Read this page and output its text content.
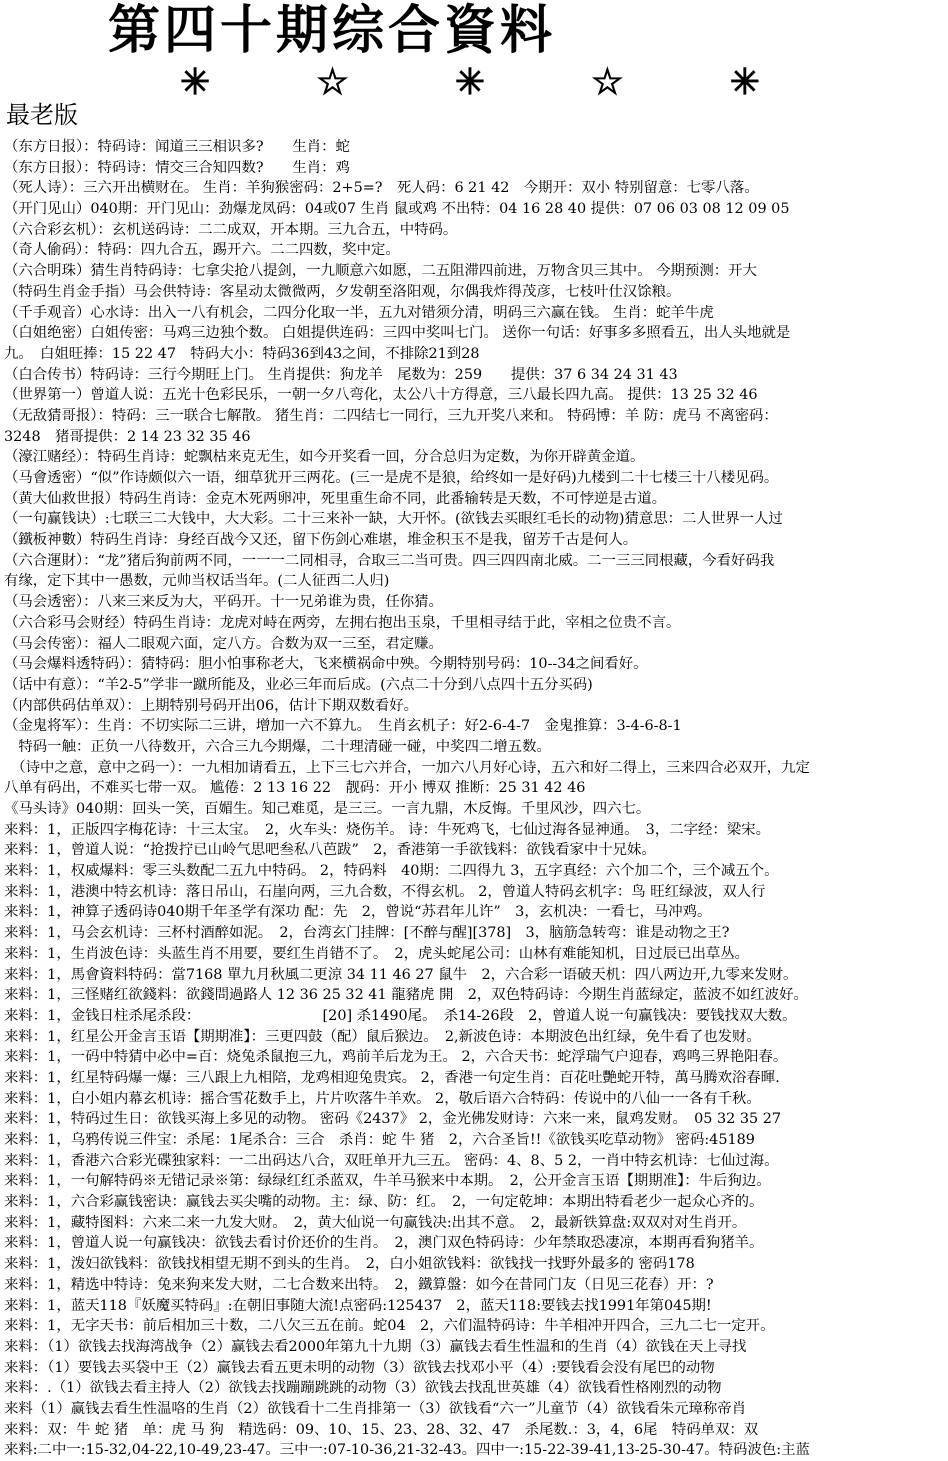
第四十期综合資料
✳	☆	✳	☆	✳
最老版
（东方日报）：特码诗：闻道三三相识多?　　生肖：蛇
（东方日报）：特码诗：情交三合知四数?　　生肖：鸡
（死人诗）：三六开出横财在。 生肖：羊狗猴密码：2+5=?　死人码：6 21 42　今期开：双小 特别留意：七零八落。
（开门见山）040期：开门见山：劲爆龙凤码：04或07 生肖 鼠或鸡 不出特：04 16 28 40 提供：07 06 03 08 12 09 05
（六合彩玄机）：玄机送码诗：二二成双，开本期。三九合五，中特码。
（奇人偷码）：特码：四九合五，踢开六。二二四数，奖中定。
（六合明珠）猜生肖特码诗：七拿尖抢八提剑，一九顺意六如愿，二五阻滞四前进，万物含贝三其中。 今期预测：开大
（特码生肖金手指）马会供特诗：客星动太微微两，夕发朝至洛阳观，尔偶我炸得茂彦，七枝叶仕汉馀粮。
（千手观音）心水诗：出入一八有机会，二四分化取一半，五九对错须分清，明码三六赢在钱。 生肖：蛇羊牛虎
（白姐绝密）白姐传密：马鸡三边独个数。 白姐提供连码：三四中奖叫七门。 送你一句话：好事多多照看五，出人头地就是
九。　白姐旺捧：15 22 47　特码大小：特码36到43之间，不排除21到28
（白合传书）特码诗：三行今期旺上门。 生肖提供：狗龙羊　尾数为：259　　提供：37 6 34 24 31 43
（世界第一）曾道人说：五光十色彩民乐，一朝一夕八弯化，太公八十方得意，三八最长四九高。 提供：13 25 32 46
（无敌猜哥报）：特码：三一联合七解散。 猪生肖：二四结七一同行，三九开奖八来和。 特码博：羊 防：虎马 不离密码：
3248　猪哥提供：2 14 23 32 35 46
（濠江赌经）：特码生肖诗：蛇飘枯来克无生，如今开奖看一回，分合总归为定数，为你开辟黄金道。
（马會透密）“似”作诗颇似六一语，细草犹开三两花。(三一是虎不是狼，给终如一是好码)九楼到二十七楼三十八楼见码。
（黄大仙救世报）特码生肖诗：金克木死两卵冲，死里重生命不同，此番输转是天数，不可悖逆是古道。
（一句赢钱诀）:七联三二大钱中，大大彩。二十三来补一缺，大开怀。(欲钱去买眼红毛长的动物)猜意思：二人世界一人过
（鐵板神數）特码生肖诗：身经百战今又还，留下伤剑心难堪，堆金积玉不是我，留芳千古是何人。
（六合運財）：“龙”猪后狗前两不同，一一一二同相寻，合取三二当可贵。四三四四南北威。二一三三同根藏，今看好码我
有缘，定下其中一愚数，元帅当权话当年。(二人征西二人归)
（马会透密）：八来三来反为大，平码开。十一兄弟谁为贵，任你猜。
（六合彩马会财经）特码生肖诗：龙虎对峙在两旁，左拥右抱出玉泉，千里相寻结于此，宰相之位贵不言。
（马会传密）：福人二眼观六面，定八方。合数为双一三至，君定赚。
（马会爆料透特码）：猜特码：胆小怕事称老大，飞来横祸命中殃。今期特别号码：10--34之间看好。
（话中有意）：“羊2-5”学非一蹴所能及，业必三年而后成。(六点二十分到八点四十五分买码)
（内部供码估单双）：上期特别号码开出06，估计下期双数看好。
（金鬼将军）：生肖：不切实际二三讲，增加一六不算九。　生肖玄机子：好2-6-4-7　金鬼推算：3-4-6-8-1
　特码一触：正负一八待数开，六合三九今期爆，二十理清碰一碰，中奖四二增五数。
　（诗中之意，意中之码一）：一九相加请看五，上下三七六并合，一加六八月好心诗，五六和好二得上，三来四合必双开，九定
八单有码出，不难买七带一双。 尴倦：2 13 16 22　靓码：开小 博双 推断：25 31 42 46
《马头诗》040期：回头一笑，百媚生。知己难觅，是三三。一言九鼎，木反悔。千里风沙，四六七。
来料：1，正版四字梅花诗：十三太宝。　2，火车头：烧伤羊。 诗：牛死鸡飞，七仙过海各显神通。　3，二字经：梁宋。
来料：1，曾道人说：“抢拨拧已山岭气思吧叁私八芭跋”　2，香港第一手欲钱料：欲钱看家中十兄妹。
来料：1，权威爆料：零三头数配二五九中特码。 2，特码料　40期：二四得九 3，五字真经：六个加二个，三个减五个。
来料：1，港澳中特玄机诗：落日吊山，石崖向两，三九合数，不得玄机。 2，曾道人特码玄机字：鸟 旺红绿波，双人行
来料：1，神算子透码诗040期千年圣学有深功 配：先　2，曾说“苏君年儿许”　3，玄机决：一看七，马冲鸡。
来料：1，马会玄机诗：三杯村酒醉如泥。　2，台湾玄门挂牌：[不醉与醒][378]　3，脑筋急转弯：谁是动物之王?
来料：1，生肖波色诗：头蓝生肖不用要，要红生肖错不了。　2，虎头蛇尾公司：山林有难能知机，日过辰已出草丛。
来料：1，馬會資料特码：當7168 單九月秋風二更涼 34 11 46 27 鼠牛　2，六合彩一语破天机：四八两边开,九零来发财。
来料：1，三怪赌红欲錢料：欲錢問過路人 12 36 25 32 41 龍豬虎 開　2，双色特码诗：今期生肖蓝绿定，蓝波不如红波好。
来料：1，金钱日柱杀尾杀段：　　　　　　　　　[20] 杀1490尾。　杀14-26段　2，曾道人说一句赢钱决：要钱找双大数。
来料：1，红星公开金言玉语【期期准】：三更四鼓（配）鼠后猴边。　2,新波色诗：本期波色出红绿，免牛看了也发财。
来料：1，一码中特猜中必中=百：烧兔杀鼠抱三九，鸡前羊后龙为王。 2，六合天书：蛇浮瑞气户迎春，鸡鸣三界艳阳春。
来料：1，红星特码爆一爆：三八跟上九相陪，龙鸡相迎兔贵宾。 2，香港一句定生肖：百花吐艷蛇开特，萬马腾欢浴春暉.
来料：1，白小姐内幕玄机诗：摇合雪花数手上，片片吹落牛羊欢。 2，敬后语六合特码：传说中的八仙一一各有千秋。
来料：1，特码过生日：欲钱买海上多见的动物。 密码《2437》 2，金光佛发财诗：六来一来，鼠鸡发财。　05 32 35 27
来料：1，乌鸦传说三件宝：杀尾：1尾杀合：三合　杀肖：蛇 牛 猪　2，六合圣旨!!《欲钱买吃草动物》 密码:45189
来料：1，香港六合彩光碟独家料：一二出码达八合，双旺单开九三五。 密码：4、8、5 2，一肖中特玄机诗：七仙过海。
来料：1，一句解特码※无错记录※第：绿绿红红杀蓝双，牛羊马猴来中本期。　2，公开金言玉语【期期准】：牛后狗边。
来料：1，六合彩赢钱密诀：赢钱去买尖嘴的动物。主：绿、防：红。　2，一句定乾坤：本期出特看老少一起众心齐的。
来料：1，藏特图料：六来二来一九发大财。　2，黄大仙说一句赢钱决:出其不意。　2，最新铁算盘:双双对对生肖开。
来料：1，曾道人说一句赢钱决：欲钱去看讨价还价的生肖。　2，澳门双色特码诗：少年禁取恐凄凉，本期再看狗猪羊。
来料：1，泼妇欲钱料：欲钱找相望无期不到头的生肖。　2，白小姐欲钱料：欲钱找一找野外最多的 密码178
来料：1，精选中特诗：兔来狗来发大财，二七合数来出特。　2，鐵算盤：如今在昔同门友（日见三花春）开：?
来料：1，蓝天118『妖魔买特码』:在朝旧事随大流!点密码:125437　2，蓝天118:要钱去找1991年第045期!
来料：1，无字天书：前后相加三十数，二八欠三五在前。蛇04　2，六们温特码诗：牛羊相冲开四合，三九二七一定开。
来料：（1）欲钱去找海湾战争（2）赢钱去看2000年第九十九期（3）赢钱去看生性温和的生肖（4）欲钱在天上寻找
来料：（1）要钱去买袋中王（2）赢钱去看五更未明的动物（3）欲钱去找邓小平（4）:要钱看会没有尾巴的动物
来料：.（1）欲钱去看主持人（2）欲钱去找蹦蹦跳跳的动物（3）欲钱去找乱世英雄（4）欲钱看性格刚烈的动物
来料（1）赢钱去看生性温咯的生肖（2）欲钱看十二生肖排第一（3）欲钱看“六一”儿童节（4）欲钱看朱元璋称帝肖
来料：双：牛 蛇 猪　单：虎 马 狗　精选码：09、10、15、23、28、32、47　杀尾数.：3，4，6尾　特码单双：双
来料:二中一:15-32,04-22,10-49,23-47。三中一:07-10-36,21-32-43。四中一:15-22-39-41,13-25-30-47。特码波色:主蓝
